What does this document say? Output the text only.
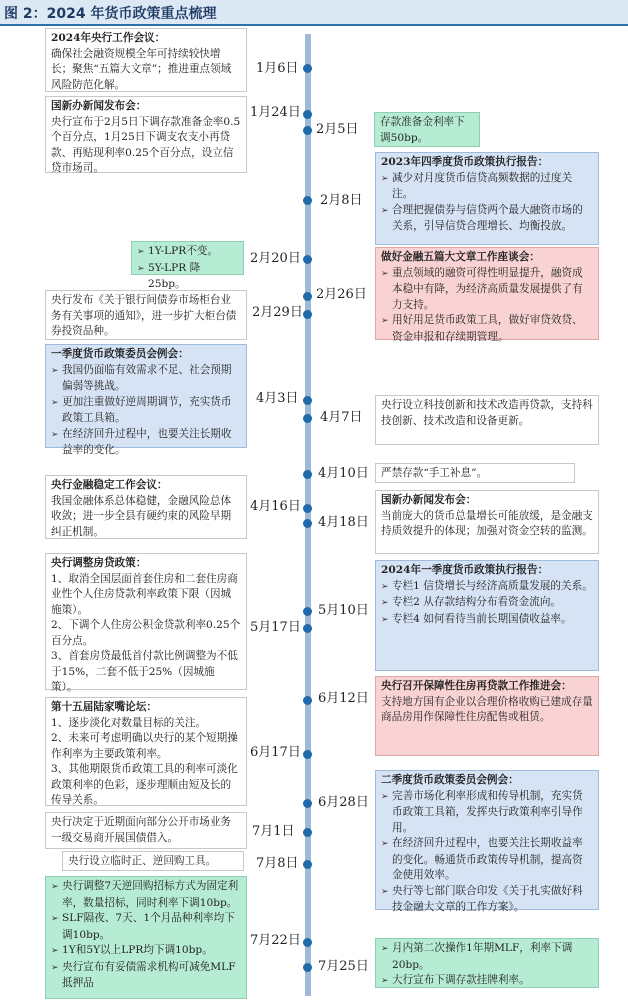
图 2：2024 年货币政策重点梳理
1月6日
1月24日
2月5日
2月8日
2月20日
2月26日
2月29日
4月3日
4月7日
4月10日
4月16日
4月18日
5月10日
5月17日
6月12日
6月17日
6月28日
7月1日
7月8日
7月22日
7月25日
2024年央行工作会议：
确保社会融资规模全年可持续较快增长；聚焦“五篇大文章”；推进重点领域风险防范化解。
国新办新闻发布会：
央行宣布于2月5日下调存款准备金率0.5个百分点，1月25日下调支农支小再贷款、再贴现利率0.25个百分点，设立信贷市场司。
➢ 1Y-LPR不变。
➢ 5Y-LPR 降 25bp。
央行发布《关于银行间债券市场柜台业务有关事项的通知》，进一步扩大柜台债券投资品种。
一季度货币政策委员会例会：
➢ 我国仍面临有效需求不足、社会预期偏弱等挑战。
➢ 更加注重做好逆周期调节，充实货币政策工具箱。
➢ 在经济回升过程中，也要关注长期收益率的变化。
央行金融稳定工作会议：
我国金融体系总体稳健，金融风险总体收敛；进一步全县有硬约束的风险早期纠正机制。
央行调整房贷政策：
1、取消全国层面首套住房和二套住房商业性个人住房贷款利率政策下限（因城施策）。
2、下调个人住房公积金贷款利率0.25个百分点。
3、首套房贷最低首付款比例调整为不低于15%，二套不低于25%（因城施策）。
第十五届陆家嘴论坛：
1、逐步淡化对数量目标的关注。
2、未来可考虑明确以央行的某个短期操作利率为主要政策利率。
3、其他期限货币政策工具的利率可淡化政策利率的色彩，逐步理顺由短及长的传导关系。
央行决定于近期面向部分公开市场业务一级交易商开展国债借入。
央行设立临时正、逆回购工具。
➢ 央行调整7天逆回购招标方式为固定利率，数量招标，同时利率下调10bp。
➢ SLF隔夜、7天、1个月品种利率均下调10bp。
➢ 1Y和5Y以上LPR均下调10bp。
➢ 央行宣布有妥债需求机构可减免MLF抵押品
存款准备金利率下调50bp。
2023年四季度货币政策执行报告：
➢ 减少对月度货币信贷高频数据的过度关注。
➢ 合理把握债券与信贷两个最大融资市场的关系，引导信贷合理增长、均衡投放。
做好金融五篇大文章工作座谈会：
➢ 重点领域的融资可得性明显提升，融资成本稳中有降，为经济高质量发展提供了有力支持。
➢ 用好用足货币政策工具，做好审贷效贷、资金申报和存续期管理。
央行设立科技创新和技术改造再贷款，支持科技创新、技术改造和设备更新。
严禁存款“手工补息”。
国新办新闻发布会：
当前庞大的货币总量增长可能放缓，是金融支持质效提升的体现；加强对资金空转的监测。
2024年一季度货币政策执行报告：
➢ 专栏1 信贷增长与经济高质量发展的关系。
➢ 专栏2 从存款结构分布看资金流向。
➢ 专栏4 如何看待当前长期国债收益率。
央行召开保障性住房再贷款工作推进会：
支持地方国有企业以合理价格收购已建成存量商品房用作保障性住房配售或租赁。
二季度货币政策委员会例会：
➢ 完善市场化利率形成和传导机制，充实货币政策工具箱，发挥央行政策利率引导作用。
➢ 在经济回升过程中，也要关注长期收益率的变化。畅通货币政策传导机制，提高资金使用效率。
➢ 央行等七部门联合印发《关于扎实做好科技金融大文章的工作方案》。
➢ 月内第二次操作1年期MLF，利率下调20bp。
➢ 大行宣布下调存款挂牌利率。
